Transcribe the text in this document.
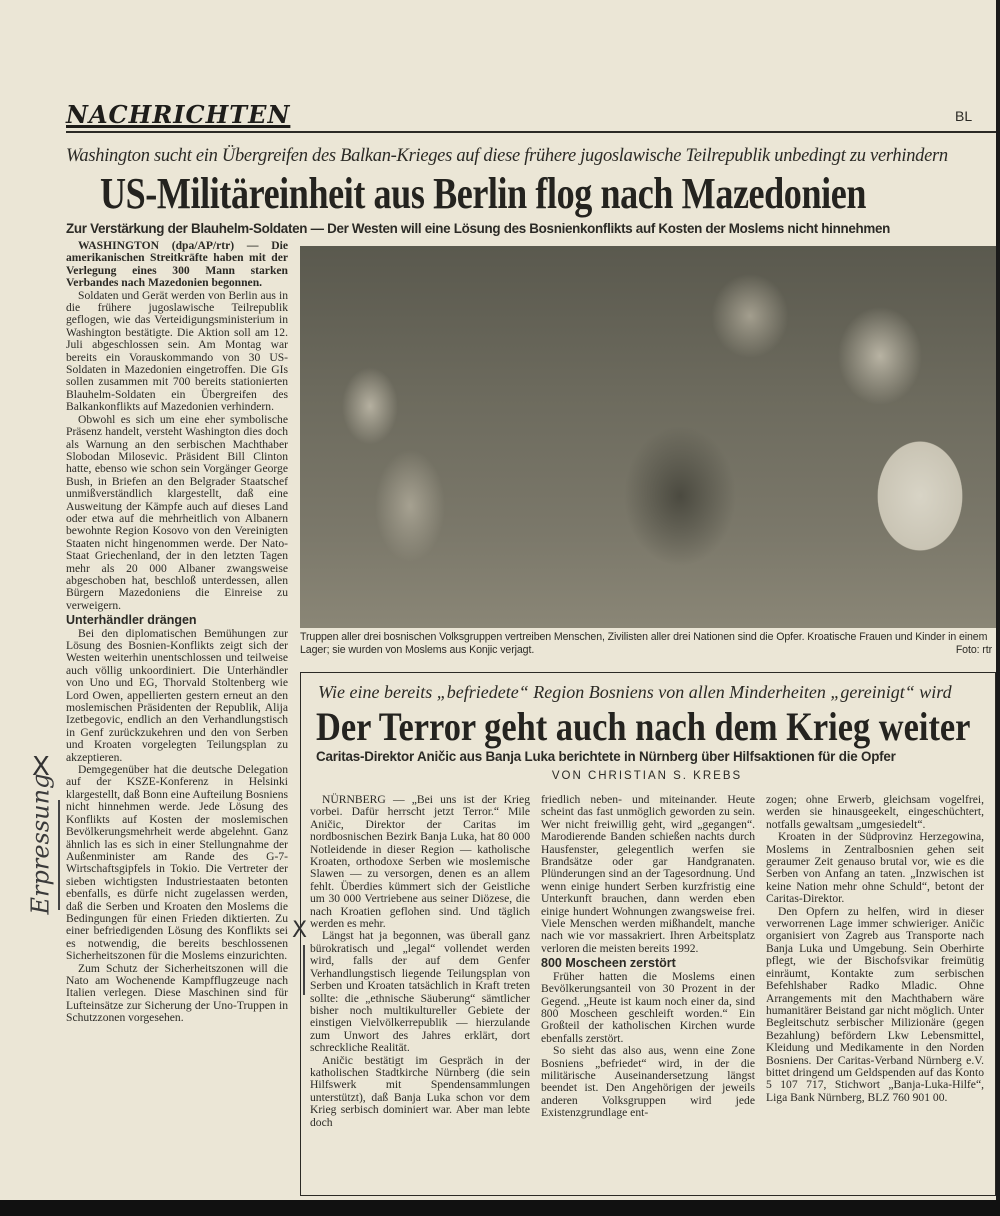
NACHRICHTEN	BL
Washington sucht ein Übergreifen des Balkan-Krieges auf diese frühere jugoslawische Teilrepublik unbedingt zu verhindern
US-Militäreinheit aus Berlin flog nach Mazedonien
Zur Verstärkung der Blauhelm-Soldaten — Der Westen will eine Lösung des Bosnienkonflikts auf Kosten der Moslems nicht hinnehmen

WASHINGTON (dpa/AP/rtr) — Die amerikanischen Streitkräfte haben mit der Verlegung eines 300 Mann starken Verbandes nach Mazedonien begonnen.

Soldaten und Gerät werden von Berlin aus in die frühere jugoslawische Teilrepublik geflogen, wie das Verteidigungsministerium in Washington bestätigte. Die Aktion soll am 12. Juli abgeschlossen sein. Am Montag war bereits ein Vorauskommando von 30 US-Soldaten in Mazedonien eingetroffen. Die GIs sollen zusammen mit 700 bereits stationierten Blauhelm-Soldaten ein Übergreifen des Balkankonflikts auf Mazedonien verhindern.

Obwohl es sich um eine eher symbolische Präsenz handelt, versteht Washington dies doch als Warnung an den serbischen Machthaber Slobodan Milosevic. Präsident Bill Clinton hatte, ebenso wie schon sein Vorgänger George Bush, in Briefen an den Belgrader Staatschef unmißverständlich klargestellt, daß eine Ausweitung der Kämpfe auch auf dieses Land oder etwa auf die mehrheitlich von Albanern bewohnte Region Kosovo von den Vereinigten Staaten nicht hingenommen werde. Der Nato-Staat Griechenland, der in den letzten Tagen mehr als 20 000 Albaner zwangsweise abgeschoben hat, beschloß unterdessen, allen Bürgern Mazedoniens die Einreise zu verweigern.

Unterhändler drängen

Bei den diplomatischen Bemühungen zur Lösung des Bosnien-Konflikts zeigt sich der Westen weiterhin unentschlossen und teilweise auch völlig unkoordiniert. Die Unterhändler von Uno und EG, Thorvald Stoltenberg wie Lord Owen, appellierten gestern erneut an den moslemischen Präsidenten der Republik, Alija Izetbegovic, endlich an den Verhandlungstisch in Genf zurückzukehren und den von Serben und Kroaten vorgelegten Teilungsplan zu akzeptieren.

Demgegenüber hat die deutsche Delegation auf der KSZE-Konferenz in Helsinki klargestellt, daß Bonn eine Aufteilung Bosniens nicht hinnehmen werde. Jede Lösung des Konflikts auf Kosten der moslemischen Bevölkerungsmehrheit werde abgelehnt. Ganz ähnlich las es sich in einer Stellungnahme der Außenminister am Rande des G-7-Wirtschaftsgipfels in Tokio. Die Vertreter der sieben wichtigsten Industriestaaten betonten ebenfalls, es dürfe nicht zugelassen werden, daß die Serben und Kroaten den Moslems die Bedingungen für einen Frieden diktierten. Zu einer befriedigenden Lösung des Konflikts sei es notwendig, die bereits beschlossenen Sicherheitszonen für die Moslems einzurichten.

Zum Schutz der Sicherheitszonen will die Nato am Wochenende Kampfflugzeuge nach Italien verlegen. Diese Maschinen sind für Lufteinsätze zur Sicherung der Uno-Truppen in Schutzzonen vorgesehen.

Truppen aller drei bosnischen Volksgruppen vertreiben Menschen, Zivilisten aller drei Nationen sind die Opfer. Kroatische Frauen und Kinder in einem Lager; sie wurden von Moslems aus Konjic verjagt.	Foto: rtr
Wie eine bereits „befriedete“ Region Bosniens von allen Minderheiten „gereinigt“ wird
Der Terror geht auch nach dem Krieg weiter
Caritas-Direktor Aničic aus Banja Luka berichtete in Nürnberg über Hilfsaktionen für die Opfer
VON CHRISTIAN S. KREBS

NÜRNBERG — „Bei uns ist der Krieg vorbei. Dafür herrscht jetzt Terror.“ Mile Aničic, Direktor der Caritas im nordbosnischen Bezirk Banja Luka, hat 80 000 Notleidende in dieser Region — katholische Kroaten, orthodoxe Serben wie moslemische Slawen — zu versorgen, denen es an allem fehlt. Überdies kümmert sich der Geistliche um 30 000 Vertriebene aus seiner Diözese, die nach Kroatien geflohen sind. Und täglich werden es mehr.

Längst hat ja begonnen, was überall ganz bürokratisch und „legal“ vollendet werden wird, falls der auf dem Genfer Verhandlungstisch liegende Teilungsplan von Serben und Kroaten tatsächlich in Kraft treten sollte: die „ethnische Säuberung“ sämtlicher bisher noch multikultureller Gebiete der einstigen Vielvölkerrepublik — hierzulande zum Unwort des Jahres erklärt, dort schreckliche Realität.

Aničic bestätigt im Gespräch in der katholischen Stadtkirche Nürnberg (die sein Hilfswerk mit Spendensammlungen unterstützt), daß Banja Luka schon vor dem Krieg serbisch dominiert war. Aber man lebte doch

friedlich neben- und miteinander. Heute scheint das fast unmöglich geworden zu sein. Wer nicht freiwillig geht, wird „gegangen“. Marodierende Banden schießen nachts durch Hausfenster, gelegentlich werfen sie Brandsätze oder gar Handgranaten. Plünderungen sind an der Tagesordnung. Und wenn einige hundert Serben kurzfristig eine Unterkunft brauchen, dann werden eben einige hundert Wohnungen zwangsweise frei. Viele Menschen werden mißhandelt, manche nach wie vor massakriert. Ihren Arbeitsplatz verloren die meisten bereits 1992.

800 Moscheen zerstört

Früher hatten die Moslems einen Bevölkerungsanteil von 30 Prozent in der Gegend. „Heute ist kaum noch einer da, sind 800 Moscheen geschleift worden.“ Ein Großteil der katholischen Kirchen wurde ebenfalls zerstört.

So sieht das also aus, wenn eine Zone Bosniens „befriedet“ wird, in der die militärische Auseinandersetzung längst beendet ist. Den Angehörigen der jeweils anderen Volksgruppen wird jede Existenzgrundlage ent-

zogen; ohne Erwerb, gleichsam vogelfrei, werden sie hinausgeekelt, eingeschüchtert, notfalls gewaltsam „umgesiedelt“.

Kroaten in der Südprovinz Herzegowina, Moslems in Zentralbosnien gehen seit geraumer Zeit genauso brutal vor, wie es die Serben von Anfang an taten. „Inzwischen ist keine Nation mehr ohne Schuld“, betont der Caritas-Direktor.

Den Opfern zu helfen, wird in dieser verworrenen Lage immer schwieriger. Aničic organisiert von Zagreb aus Transporte nach Banja Luka und Umgebung. Sein Oberhirte pflegt, wie der Bischofsvikar freimütig einräumt, Kontakte zum serbischen Befehlshaber Radko Mladic. Ohne Arrangements mit den Machthabern wäre humanitärer Beistand gar nicht möglich. Unter Begleitschutz serbischer Milizionäre (gegen Bezahlung) befördern Lkw Lebensmittel, Kleidung und Medikamente in den Norden Bosniens. Der Caritas-Verband Nürnberg e.V. bittet dringend um Geldspenden auf das Konto 5 107 717, Stichwort „Banja-Luka-Hilfe“, Liga Bank Nürnberg, BLZ 760 901 00.

Erpressung
X
X
